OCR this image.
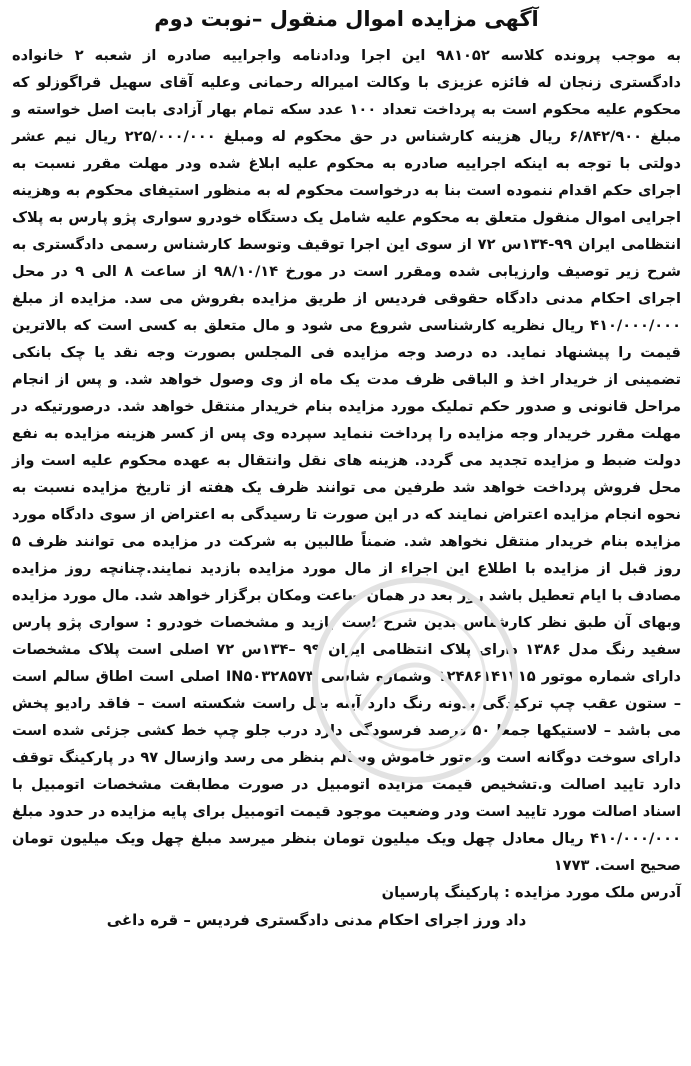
آگهی مزایده اموال منقول –نوبت دوم

به موجب پرونده کلاسه ۹۸۱۰۵۲ این اجرا ودادنامه واجراییه صادره از شعبه ۲ خانواده دادگستری زنجان له فائزه عزیزی با وکالت امیراله رحمانی وعلیه آقای سهیل قراگوزلو که محکوم علیه محکوم است به پرداخت تعداد ۱۰۰ عدد سکه تمام بهار آزادی بابت اصل خواسته و مبلغ ۶/۸۴۲/۹۰۰ ریال هزینه کارشناس در حق محکوم له ومبلغ ۲۲۵/۰۰۰/۰۰۰ ریال نیم عشر دولتی با توجه به اینکه اجراییه صادره به محکوم علیه ابلاغ شده ودر مهلت مقرر نسبت به اجرای حکم اقدام ننموده است بنا به درخواست محکوم له به منظور استیفای محکوم به وهزینه اجرایی اموال منقول متعلق به محکوم علیه شامل یک دستگاه خودرو سواری پژو پارس به پلاک انتظامی ایران ۹۹-۱۳۴س ۷۲ از سوی این اجرا توقیف وتوسط کارشناس رسمی دادگستری به شرح زیر توصیف وارزیابی شده ومقرر است در مورخ ۹۸/۱۰/۱۴ از ساعت ۸ الی ۹ در محل اجرای احکام مدنی دادگاه حقوقی فردیس از طریق مزایده بفروش می سد. مزایده از مبلغ ۴۱۰/۰۰۰/۰۰۰ ریال نظریه کارشناسی شروع می شود و مال متعلق به کسی است که بالاترین قیمت را پیشنهاد نماید. ده درصد وجه مزایده فی المجلس بصورت وجه نقد یا چک بانکی تضمینی از خریدار اخذ و الباقی ظرف مدت یک ماه از وی وصول خواهد شد. و پس از انجام مراحل قانونی و صدور حکم تملیک مورد مزایده بنام خریدار منتقل خواهد شد. درصورتیکه در مهلت مقرر خریدار وجه مزایده را پرداخت ننماید سپرده وی پس از کسر هزینه مزایده به نفع دولت ضبط و مزایده تجدید می گردد. هزینه های نقل وانتقال به عهده محکوم علیه است واز محل فروش پرداخت خواهد شد طرفین می توانند ظرف یک هفته از تاریخ مزایده نسبت به نحوه انجام مزایده اعتراض نمایند که در این صورت تا رسیدگی به اعتراض از سوی دادگاه مورد مزایده بنام خریدار منتقل نخواهد شد. ضمناً طالبین به شرکت در مزایده می توانند ظرف ۵ روز قبل از مزایده با اطلاع این اجراء از مال مورد مزایده بازدید نمایند.چنانچه روز مزایده مصادف با ایام تعطیل باشد روز بعد در همان ساعت ومکان برگزار خواهد شد. مال مورد مزایده وبهای آن طبق نظر کارشناس بدین شرح است بازید و مشخصات خودرو : سواری پژو پارس سفید رنگ مدل ۱۳۸۶ دارای پلاک انتظامی ایران ۹۹ –۱۳۴س ۷۲ اصلی است پلاک مشخصات دارای شماره موتور ۱۲۴۸۶۱۴۱۷۱۵ وشماره شاسی IN۵۰۳۲۸۵۷۳ اصلی است اطاق سالم است – ستون عقب چپ ترکیدگی بدونه رنگ دارد آینه بغل راست شکسته است – فاقد رادیو پخش می باشد – لاستیکها جمعا ۵۰ درصد فرسودگی دارد درب جلو چپ خط کشی جزئی شده است دارای سوخت دوگانه است وموتور خاموش وسالم بنظر می رسد وازسال ۹۷ در پارکینگ توقف دارد تایید اصالت و.تشخیص قیمت مزایده اتومبیل در صورت مطابقت مشخصات اتومبیل با اسناد اصالت مورد تایید است ودر وضعیت موجود قیمت اتومبیل برای پایه مزایده در حدود مبلغ ۴۱۰/۰۰۰/۰۰۰ ریال معادل چهل ویک میلیون تومان بنظر میرسد مبلغ چهل ویک میلیون تومان صحیح است. ۱۷۷۳

آدرس ملک مورد مزایده : پارکینگ پارسیان

داد ورز اجرای احکام مدنی دادگستری فردیس – قره داغی
